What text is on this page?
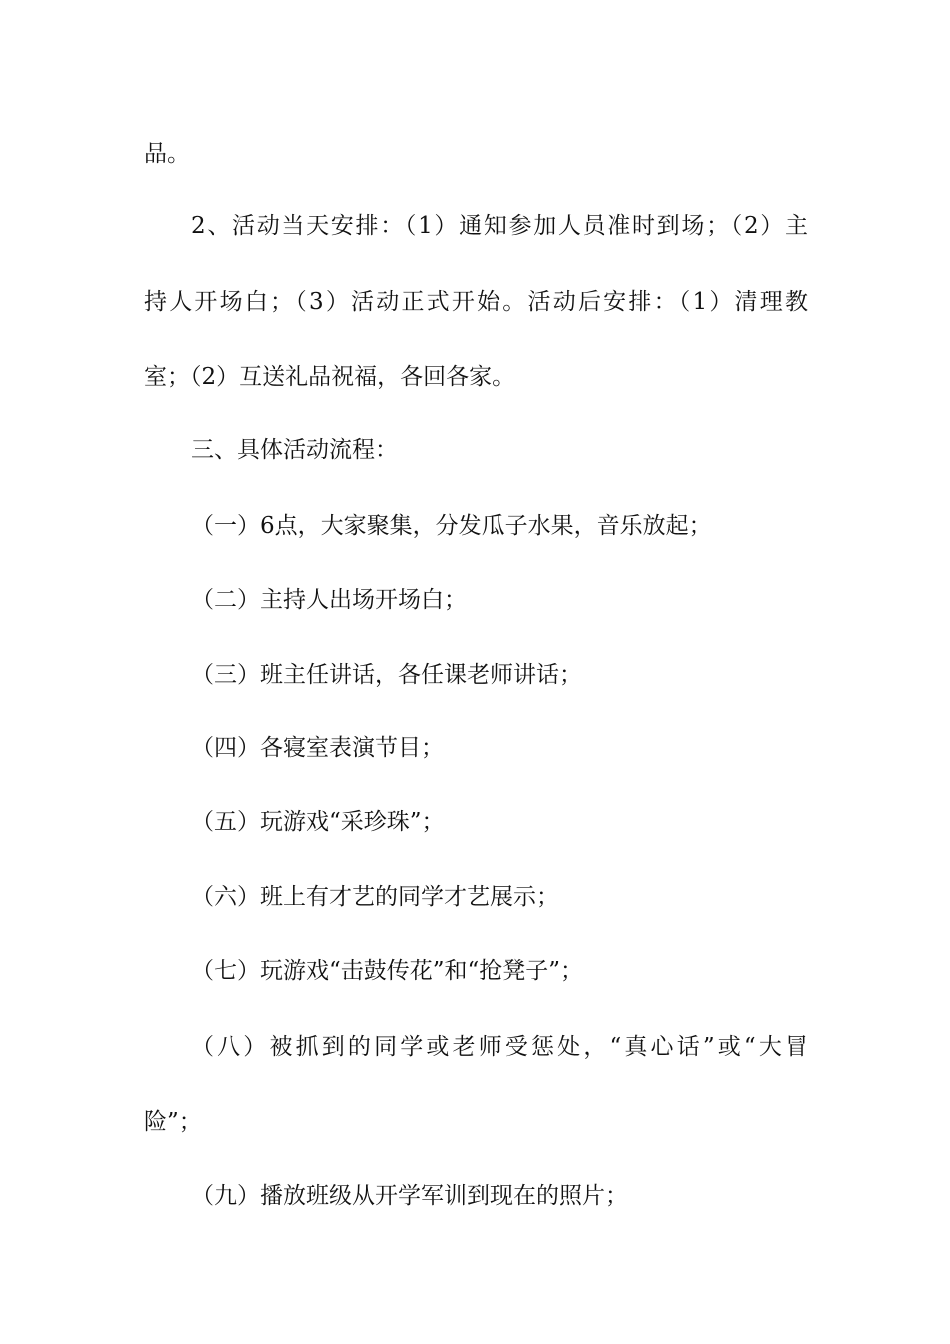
品。
2、活动当天安排：（1）通知参加人员准时到场；（2）主
持人开场白；（3）活动正式开始。活动后安排：（1）清理教
室；（2）互送礼品祝福，各回各家。
三、具体活动流程：
（一）6点，大家聚集，分发瓜子水果，音乐放起；
（二）主持人出场开场白；
（三）班主任讲话，各任课老师讲话；
（四）各寝室表演节目；
（五）玩游戏“采珍珠”；
（六）班上有才艺的同学才艺展示；
（七）玩游戏“击鼓传花”和“抢凳子”；
（八）被抓到的同学或老师受惩处，“真心话”或“大冒
险”；
（九）播放班级从开学军训到现在的照片；
